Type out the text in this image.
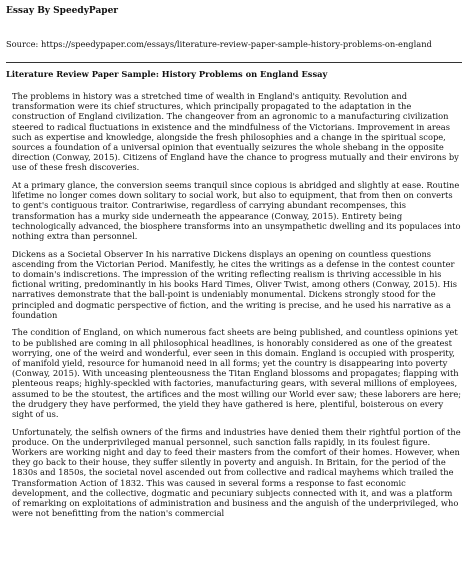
Essay By SpeedyPaper
Source: https://speedypaper.com/essays/literature-review-paper-sample-history-problems-on-england
Literature Review Paper Sample: History Problems on England Essay

The problems in history was a stretched time of wealth in England's antiquity. Revolution and transformation were its chief structures, which principally propagated to the adaptation in the construction of England civilization. The changeover from an agronomic to a manufacturing civilization steered to radical fluctuations in existence and the mindfulness of the Victorians. Improvement in areas such as expertise and knowledge, alongside the fresh philosophies and a change in the spiritual scope, sources a foundation of a universal opinion that eventually seizures the whole shebang in the opposite direction (Conway, 2015). Citizens of England have the chance to progress mutually and their environs by use of these fresh discoveries.

At a primary glance, the conversion seems tranquil since copious is abridged and slightly at ease. Routine lifetime no longer comes down solitary to social work, but also to equipment, that from then on converts to gent's contiguous traitor. Contrariwise, regardless of carrying abundant recompenses, this transformation has a murky side underneath the appearance (Conway, 2015). Entirety being technologically advanced, the biosphere transforms into an unsympathetic dwelling and its populaces into nothing extra than personnel.

Dickens as a Societal Observer In his narrative Dickens displays an opening on countless questions ascending from the Victorian Period. Manifestly, he cites the writings as a defense in the contest counter to domain's indiscretions. The impression of the writing reflecting realism is thriving accessible in his fictional writing, predominantly in his books Hard Times, Oliver Twist, among others (Conway, 2015). His narratives demonstrate that the ball-point is undeniably monumental. Dickens strongly stood for the principled and dogmatic perspective of fiction, and the writing is precise, and he used his narrative as a foundation

The condition of England, on which numerous fact sheets are being published, and countless opinions yet to be published are coming in all philosophical headlines, is honorably considered as one of the greatest worrying, one of the weird and wonderful, ever seen in this domain. England is occupied with prosperity, of manifold yield, resource for humanoid need in all forms; yet the country is disappearing into poverty (Conway, 2015). With unceasing plenteousness the Titan England blossoms and propagates; flapping with plenteous reaps; highly-speckled with factories, manufacturing gears, with several millions of employees, assumed to be the stoutest, the artifices and the most willing our World ever saw; these laborers are here; the drudgery they have performed, the yield they have gathered is here, plentiful, boisterous on every sight of us.

Unfortunately, the selfish owners of the firms and industries have denied them their rightful portion of the produce. On the underprivileged manual personnel, such sanction falls rapidly, in its foulest figure. Workers are working night and day to feed their masters from the comfort of their homes. However, when they go back to their house, they suffer silently in poverty and anguish. In Britain, for the period of the 1830s and 1850s, the societal novel ascended out from collective and radical mayhems which trailed the Transformation Action of 1832. This was caused in several forms a response to fast economic development, and the collective, dogmatic and pecuniary subjects connected with it, and was a platform of remarking on exploitations of administration and business and the anguish of the underprivileged, who were not benefitting from the nation's commercial
